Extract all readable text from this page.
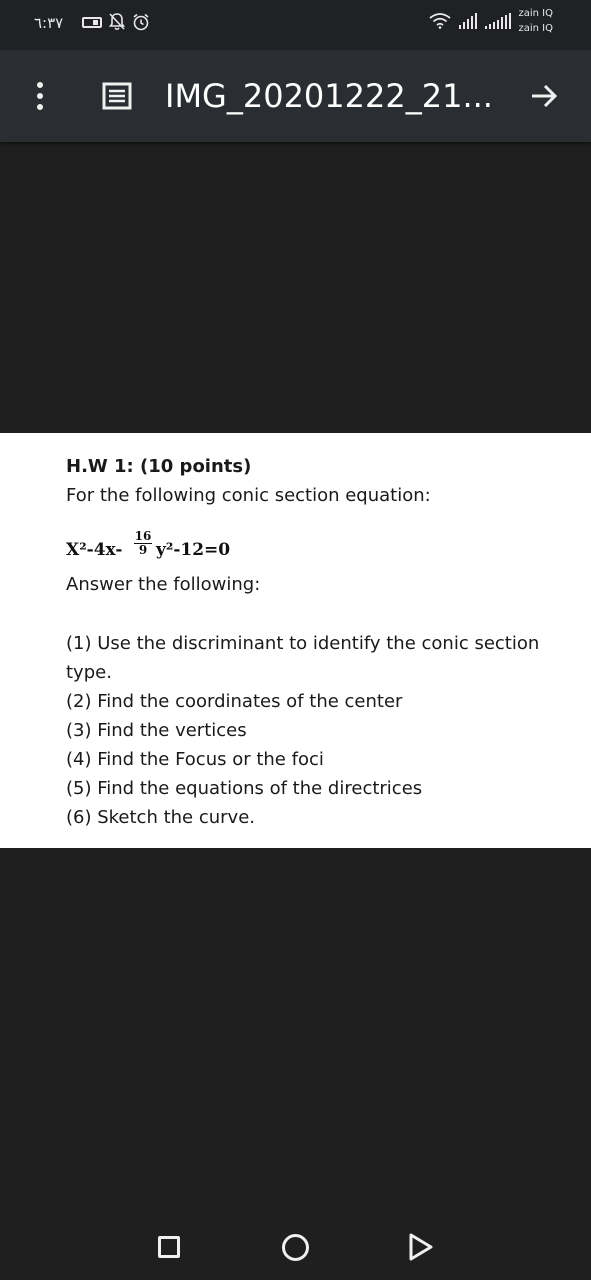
٦:٣٧
zain IQ
zain IQ
IMG_20201222_21...

H.W 1: (10 points)

For the following conic section equation:

$X^2-4x- \frac{16}{9} y^2-12=0$

Answer the following:

(1) Use the discriminant to identify the conic section

type.

(2) Find the coordinates of the center

(3) Find the vertices

(4) Find the Focus or the foci

(5) Find the equations of the directrices

(6) Sketch the curve.
